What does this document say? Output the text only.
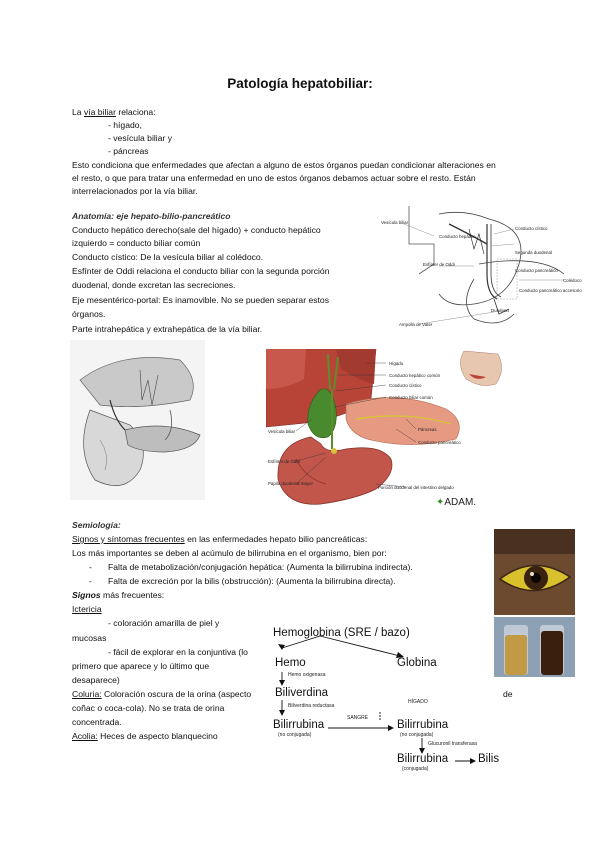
Patología hepatobiliar:
La vía biliar relaciona:
- hígado,
- vesícula biliar y
- páncreas
Esto condiciona que enfermedades que afectan a alguno de estos órganos puedan condicionar alteraciones en
el resto, o que para tratar una enfermedad en uno de estos órganos debamos actuar sobre el resto. Están
interrelacionados por la vía biliar.
Anatomía: eje hepato-bilio-pancreático
Conducto hepático derecho(sale del hígado) + conducto hepático
izquierdo = conducto biliar común
Conducto cístico: De la vesícula biliar al colédoco.
Esfínter de Oddi relaciona el conducto biliar con la segunda porción
duodenal, donde excretan las secreciones.
Eje mesentérico-portal: Es inamovible. No se pueden separar estos
órganos.
Parte intrahepática y extrahepática de la vía biliar.
Vesícula biliar
Conducto hepático
Conducto cístico
Colédoco
Segunda duodenal
Conducto pancreático
Esfínter de Oddi
Conducto pancreático accesorio
Duodeno
Ampolla de Vater
Hígado
Conducto hepático común
Conducto cístico
Conducto biliar común
Vesícula biliar	Páncreas
Conducto pancreático
Esfínter de Oddi
Papila duodenal mayor
Porción duodenal del intestino delgado
✦ADAM.
Semiología:
Signos y síntomas frecuentes en las enfermedades hepato bilio pancreáticas:
Los más importantes se deben al acúmulo de bilirrubina en el organismo, bien por:
- Falta de metabolización/conjugación hepática: (Aumenta la bilirrubina indirecta).
- Falta de excreción por la bilis (obstrucción): (Aumenta la bilirrubina directa).
Signos más frecuentes:
Ictericia
- coloración amarilla de piel y
mucosas
- fácil de explorar en la conjuntiva (lo
primero que aparece y lo último que
desaparece)
Coluria: Coloración oscura de la orina (aspecto
coñac o coca-cola). No se trata de orina
concentrada.
de
Acolia: Heces de aspecto blanquecino
Hemoglobina (SRE / bazo)
Hemo	Globina
Hemo oxigenasa
Biliverdina
Biliverdina reductasa
Bilirrubina
(no conjugada)
SANGRE
HÍGADO
Bilirrubina
(no conjugada)
Glucuronil transferasa
Bilirrubina
(conjugada)
Bilis
